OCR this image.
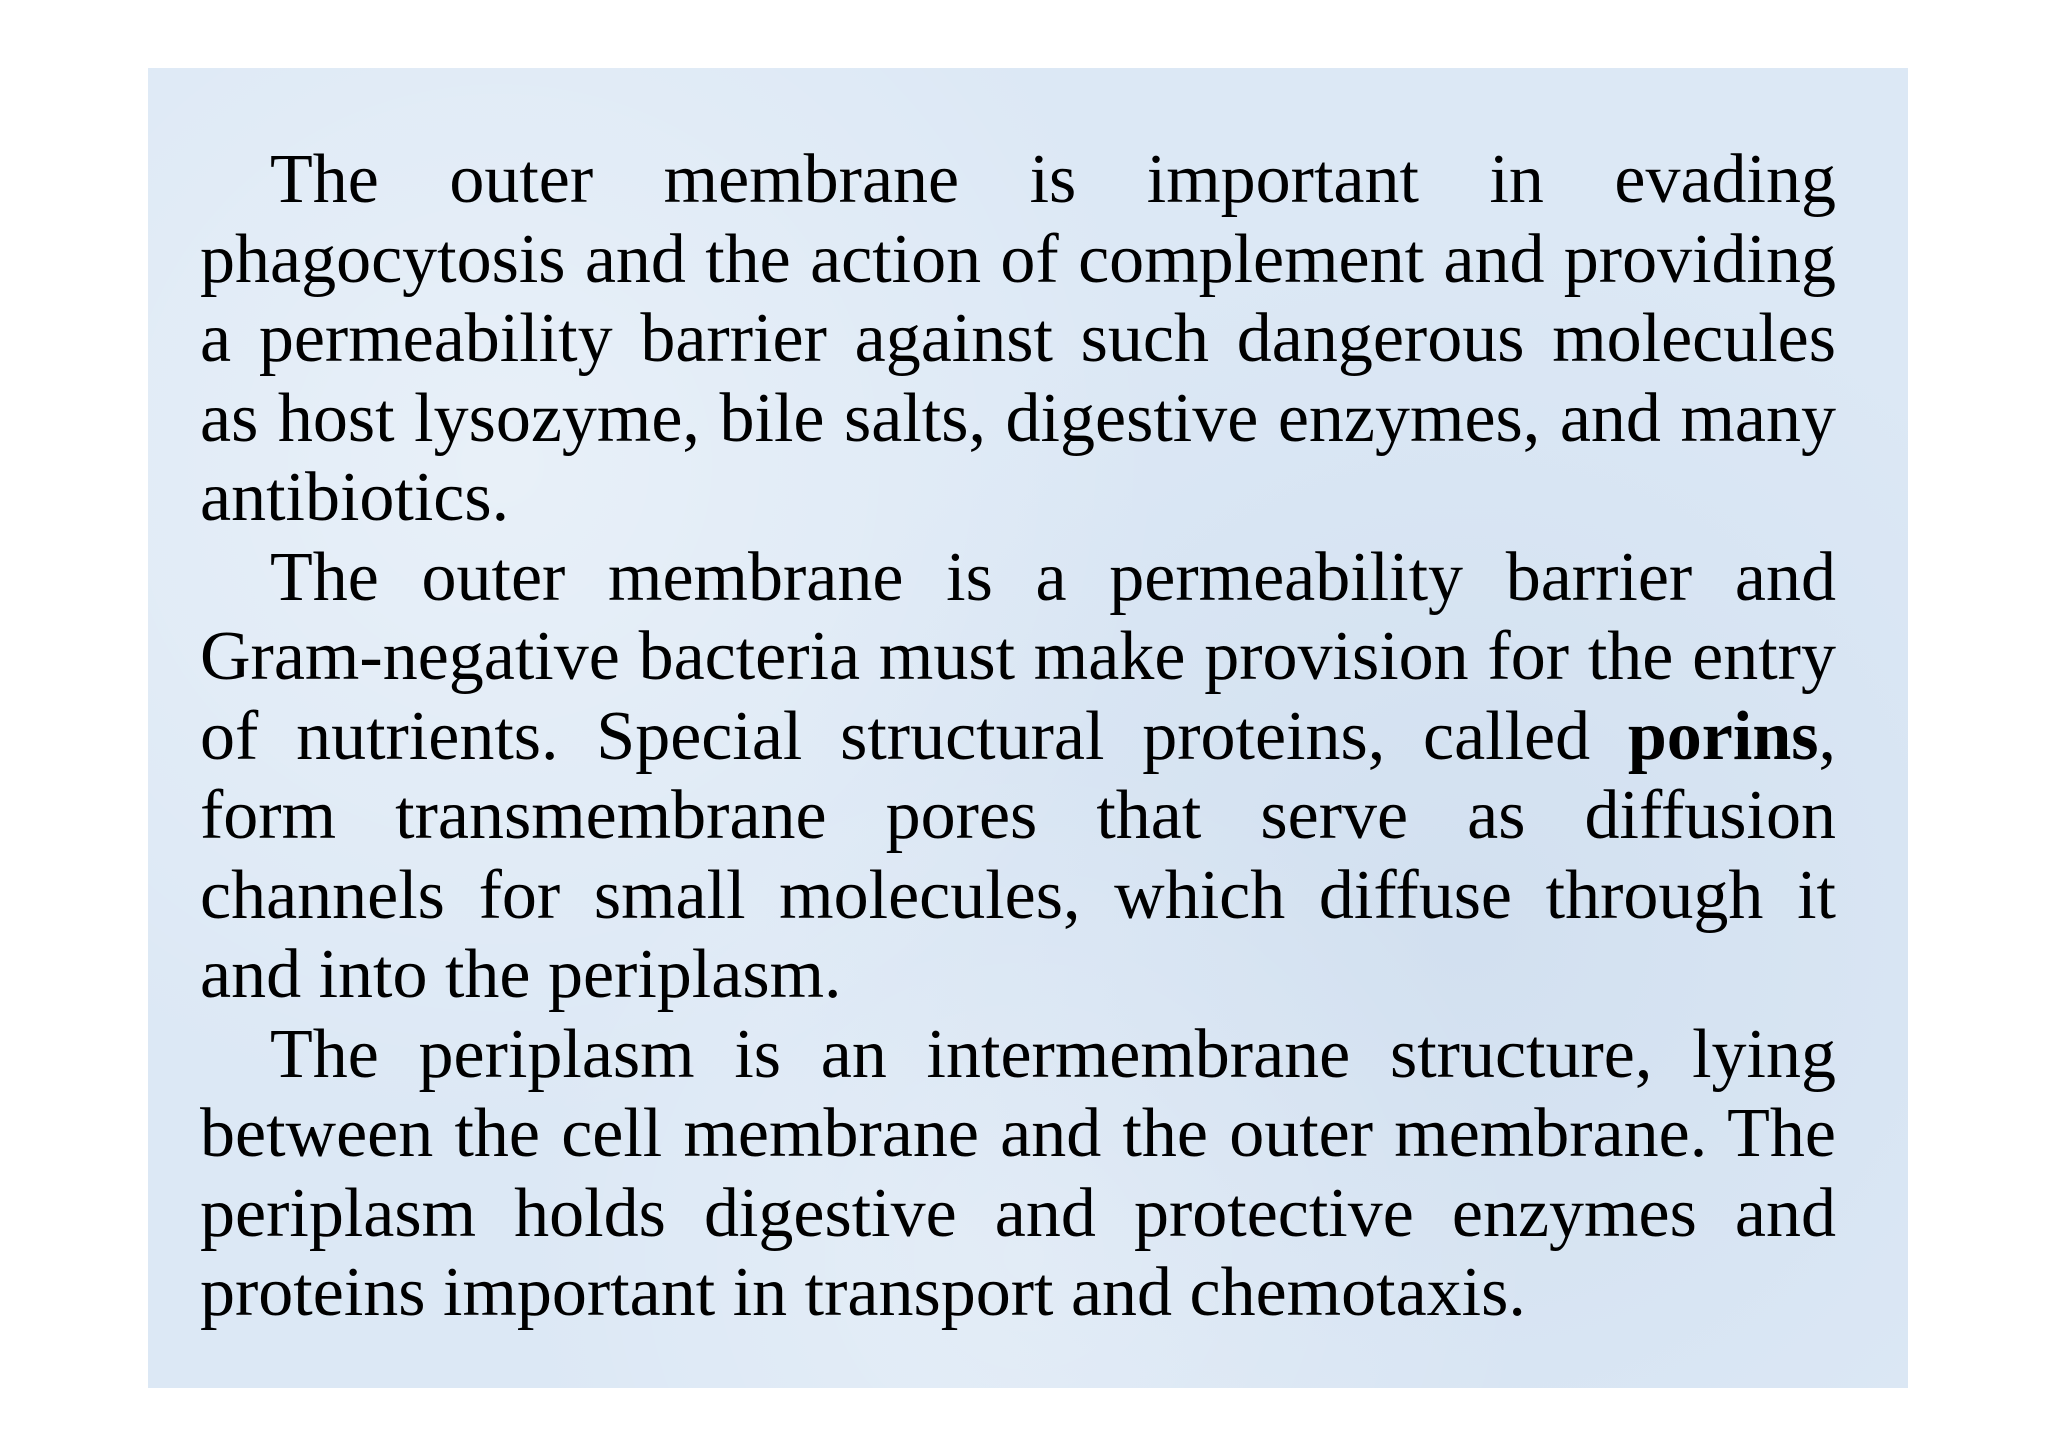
The outer membrane is important in evading phagocytosis and the action of complement and providing a permeability barrier against such dangerous molecules as host lysozyme, bile salts, digestive enzymes, and many antibiotics.

The outer membrane is a permeability barrier and Gram-negative bacteria must make provision for the entry of nutrients. Special structural proteins, called porins, form transmembrane pores that serve as diffusion channels for small molecules, which diffuse through it and into the periplasm.

The periplasm is an intermembrane structure, lying between the cell membrane and the outer membrane. The periplasm holds digestive and protective enzymes and proteins important in transport and chemotaxis.
